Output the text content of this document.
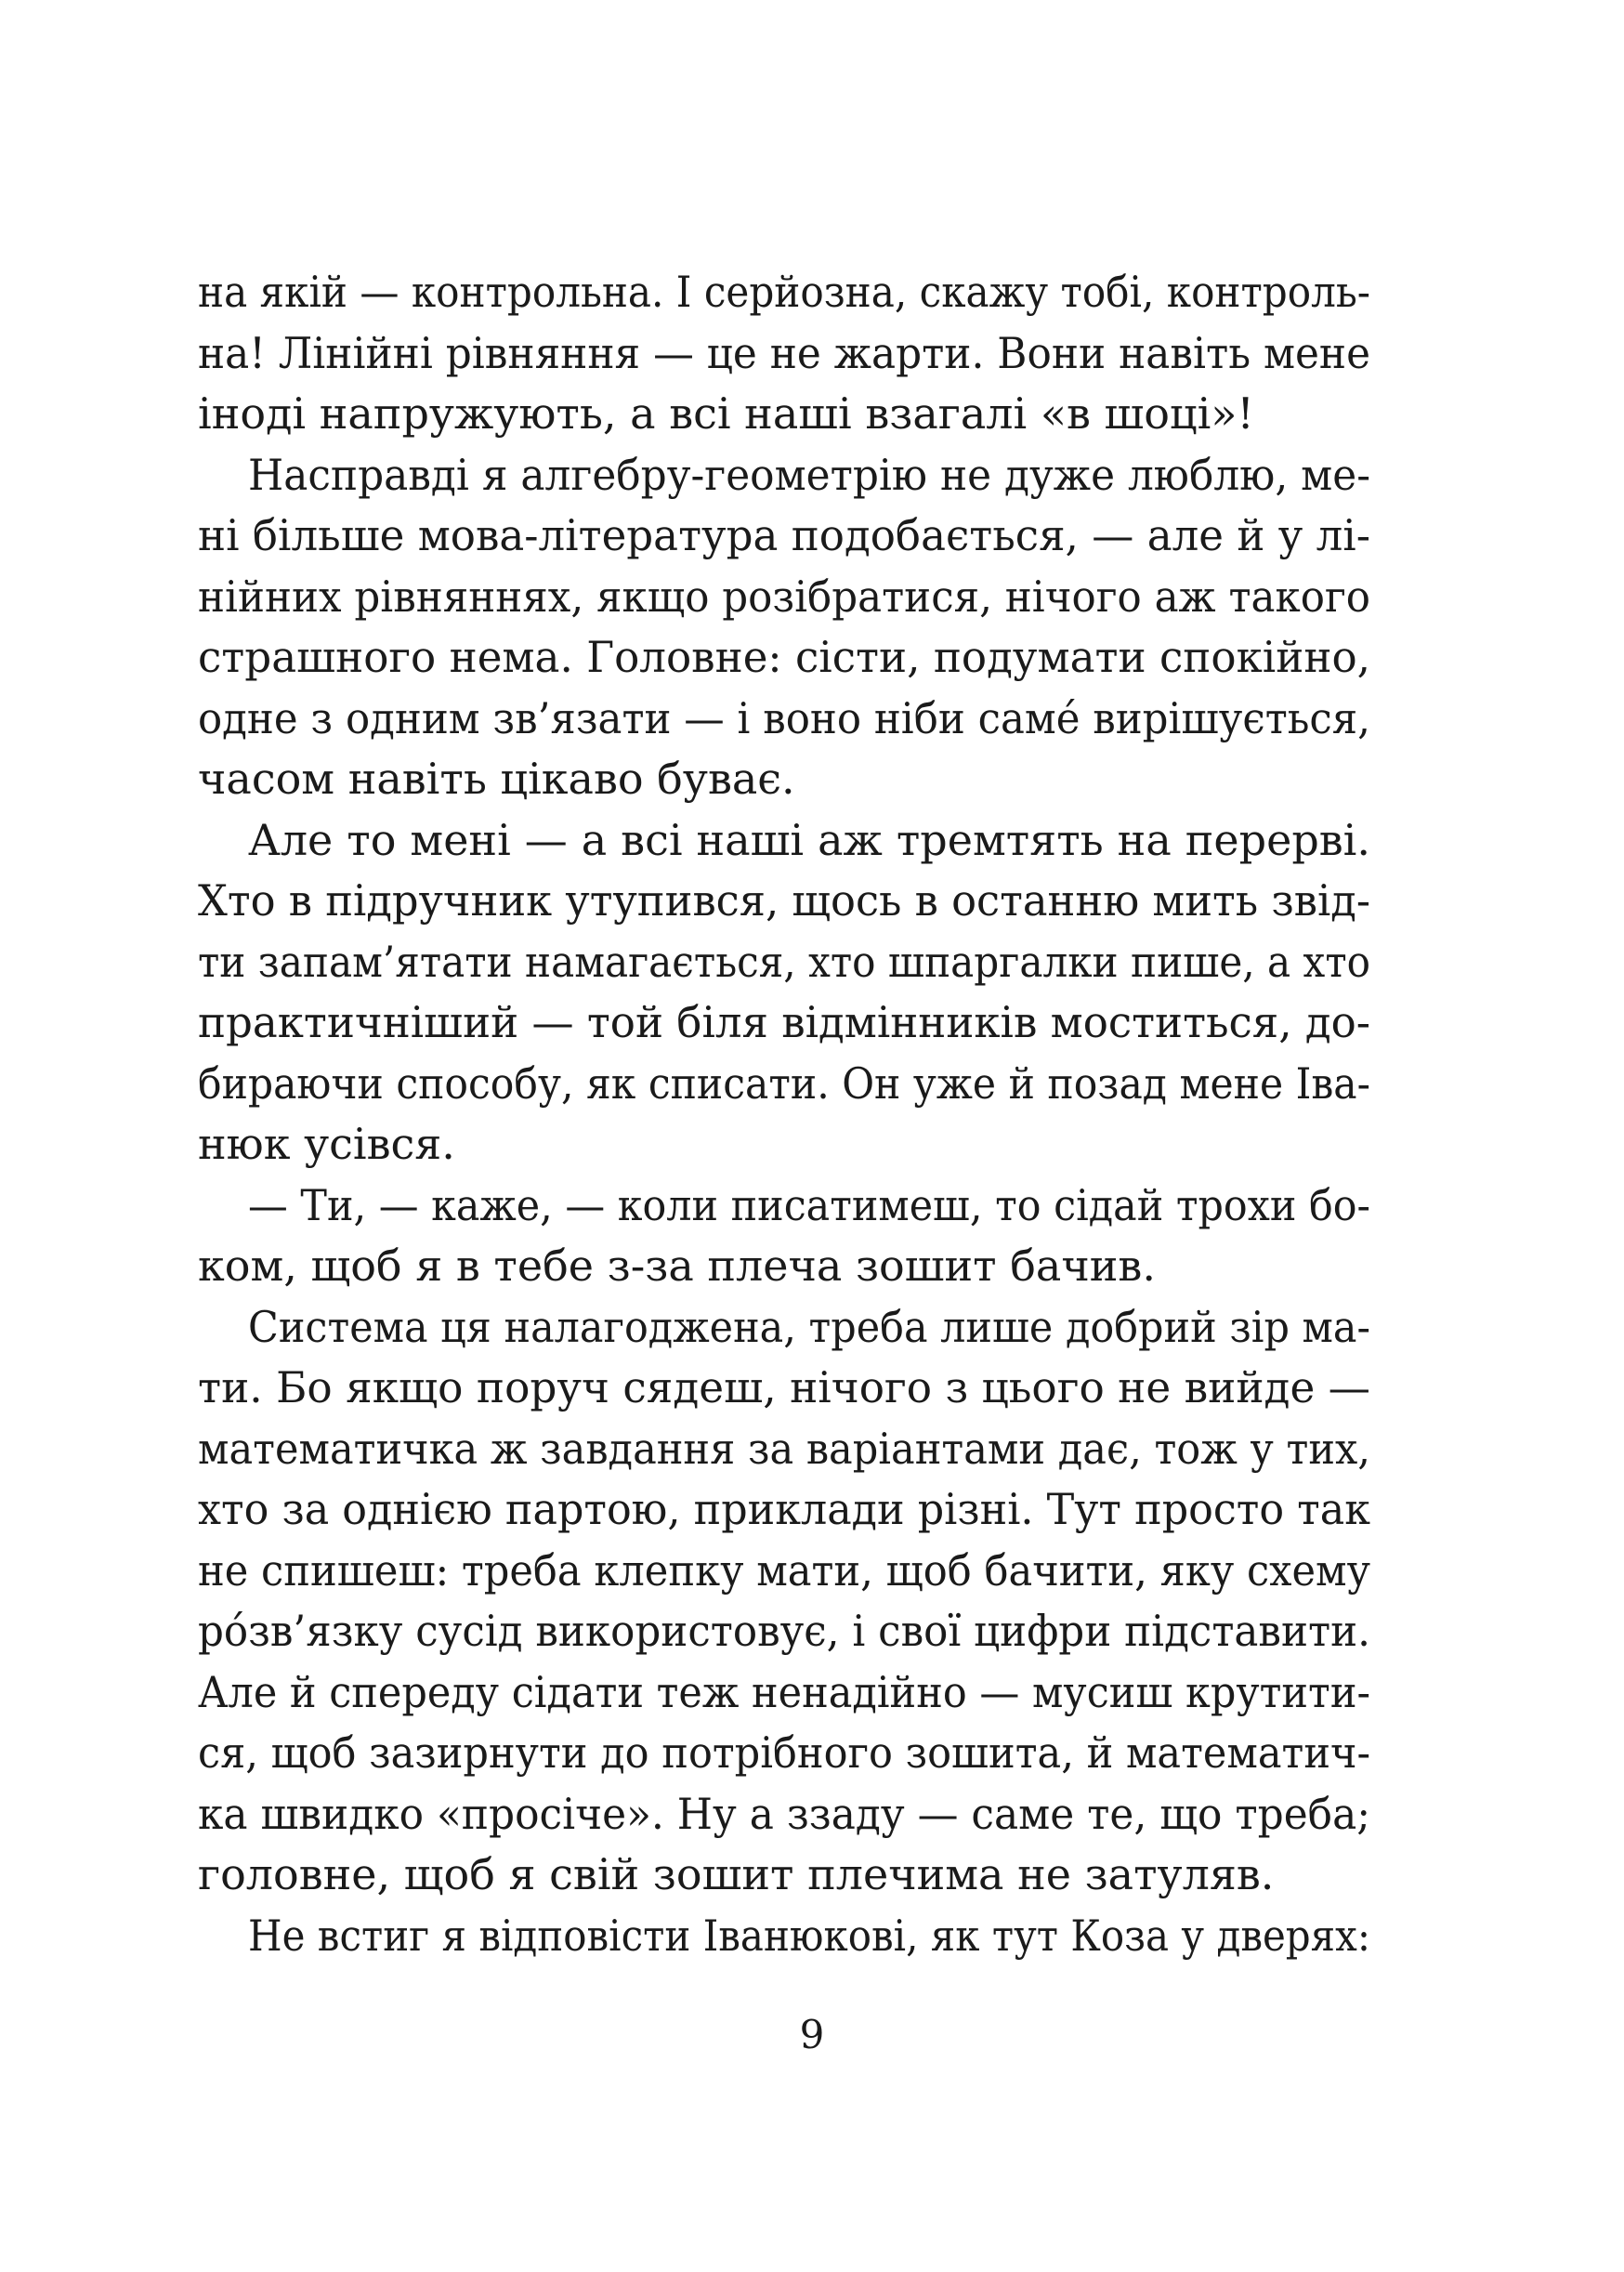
на якій — контрольна. І серйозна, скажу тобі, контроль-
на! Лінійні рівняння — це не жарти. Вони навіть мене
іноді напружують, а всі наші взагалі «в шоці»!
Насправді я алгебру-геометрію не дуже люблю, ме-
ні більше мова-література подобається, — але й у лі-
нійних рівняннях, якщо розібратися, нічого аж такого
страшного нема. Головне: сісти, подумати спокійно,
одне з одним зв’язати — і воно ніби самé вирішується,
часом навіть цікаво буває.
Але то мені — а всі наші аж тремтять на перерві.
Хто в підручник утупився, щось в останню мить звід-
ти запам’ятати намагається, хто шпаргалки пише, а хто
практичніший — той біля відмінників моститься, до-
бираючи способу, як списати. Он уже й позад мене Іва-
нюк усівся.
— Ти, — каже, — коли писатимеш, то сідай трохи бо-
ком, щоб я в тебе з-за плеча зошит бачив.
Система ця налагоджена, треба лише добрий зір ма-
ти. Бо якщо поруч сядеш, нічого з цього не вийде —
математичка ж завдання за варіантами дає, тож у тих,
хто за однією партою, приклади різні. Тут просто так
не спишеш: треба клепку мати, щоб бачити, яку схему
рóзв’язку сусід використовує, і свої цифри підставити.
Але й спереду сідати теж ненадійно — мусиш крутити-
ся, щоб зазирнути до потрібного зошита, й математич-
ка швидко «просіче». Ну а ззаду — саме те, що треба;
головне, щоб я свій зошит плечима не затуляв.
Не встиг я відповісти Іванюкові, як тут Коза у дверях:
9
